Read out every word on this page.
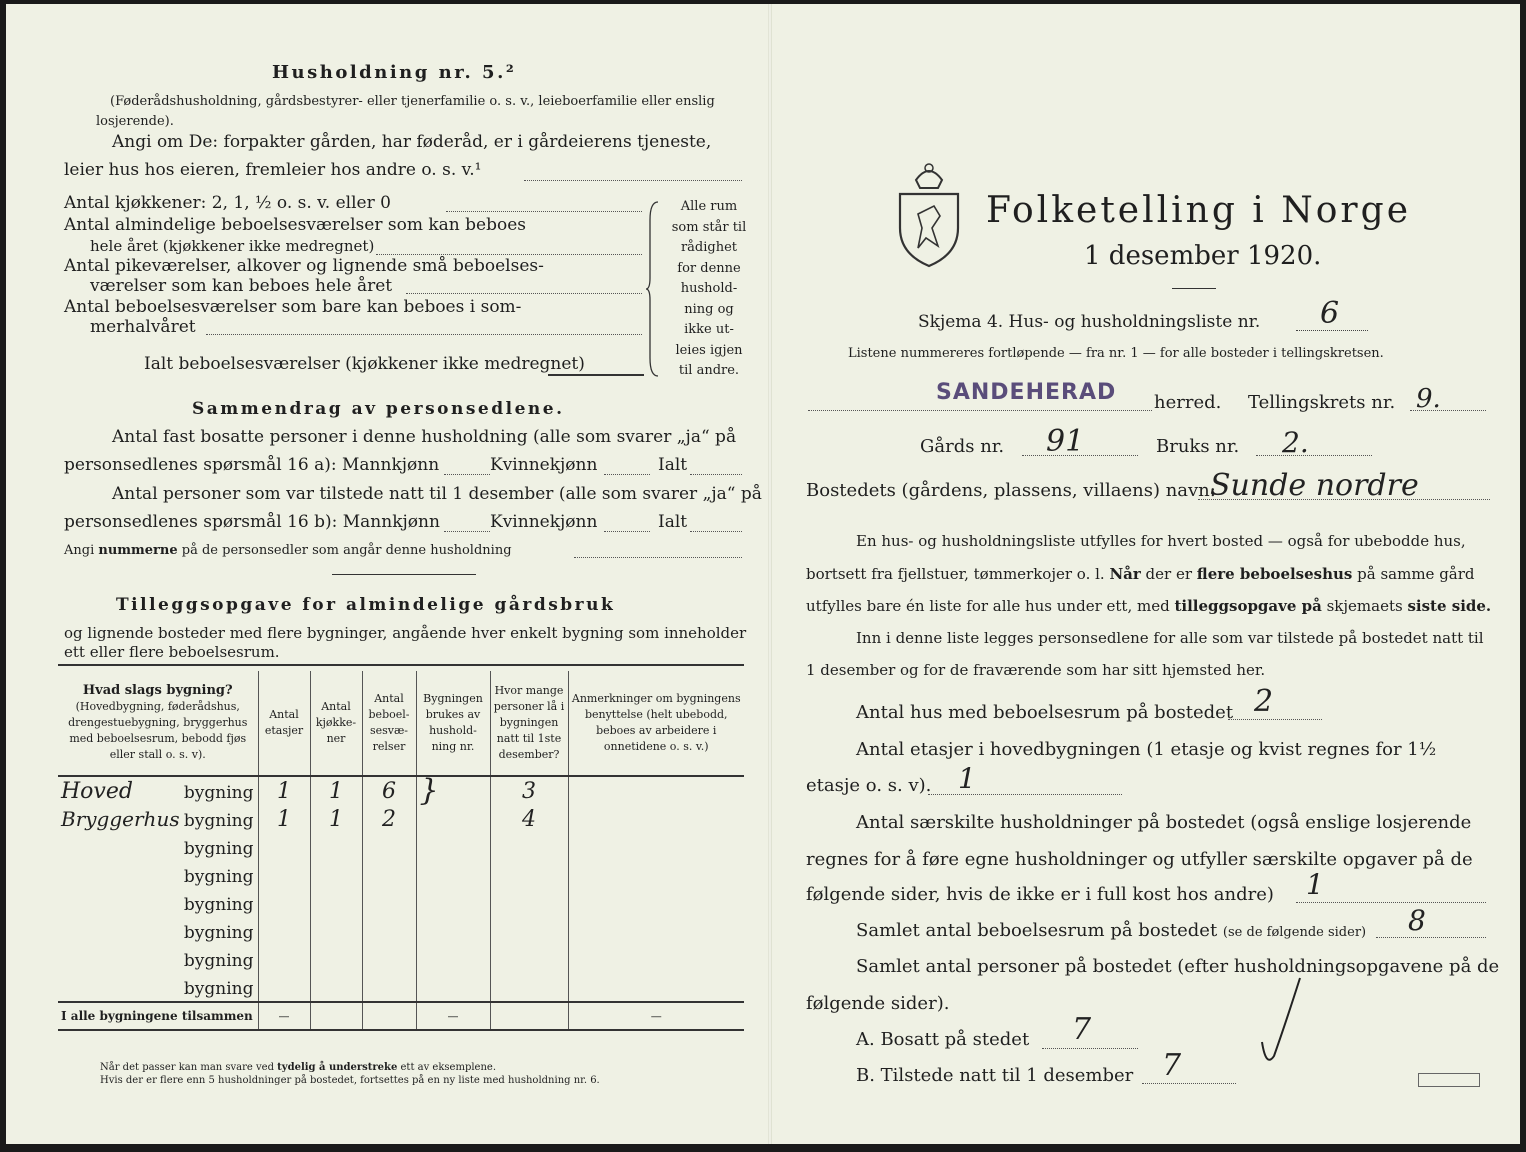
Husholdning nr. 5.²
(Føderådshusholdning, gårdsbestyrer- eller tjenerfamilie o. s. v., leieboerfamilie eller enslig losjerende).
Angi om De: forpakter gården, har føderåd, er i gårdeierens tjeneste,
leier hus hos eieren, fremleier hos andre o. s. v.¹
Antal kjøkkener: 2, 1, ½ o. s. v. eller 0
Antal almindelige beboelsesværelser som kan beboes
hele året (kjøkkener ikke medregnet)
Antal pikeværelser, alkover og lignende små beboelses-
værelser som kan beboes hele året
Antal beboelsesværelser som bare kan beboes i som-
merhalvåret
Ialt beboelsesværelser (kjøkkener ikke medregnet)
Alle rum
som står til
rådighet
for denne
hushold-
ning og
ikke ut-
leies igjen
til andre.
Sammendrag av personsedlene.
Antal fast bosatte personer i denne husholdning (alle som svarer „ja“ på
personsedlenes spørsmål 16 a): Mannkjønn	Kvinnekjønn	Ialt
Antal personer som var tilstede natt til 1 desember (alle som svarer „ja“ på
personsedlenes spørsmål 16 b): Mannkjønn	Kvinnekjønn	Ialt
Angi nummerne på de personsedler som angår denne husholdning
Tilleggsopgave for almindelige gårdsbruk
og lignende bosteder med flere bygninger, angående hver enkelt bygning som inneholder
ett eller flere beboelsesrum.
Hvad slags bygning?
(Hovedbygning, føderådshus, drengestuebygning, bryggerhus med beboelsesrum, bebodd fjøs eller stall o. s. v).	Antal etasjer	Antal kjøkke-ner	Antal beboel-sesvæ-relser	Bygningen brukes av hushold-ning nr.	Hvor mange personer lå i bygningen natt til 1ste desember?	Anmerkninger om bygningens benyttelse (helt ubebodd, beboes av arbeidere i onnetidene o. s. v.)
Hoved bygning	1	1	6	}	3	
Bryggerhus bygning	1	1	2		4	

bygning						

bygning						

bygning						

bygning						

bygning						

bygning						

I alle bygningene tilsammen	—			—		—
Når det passer kan man svare ved tydelig å understreke ett av eksemplene.
Hvis der er flere enn 5 husholdninger på bostedet, fortsettes på en ny liste med husholdning nr. 6.
Folketelling i Norge
1 desember 1920.
Skjema 4. Hus- og husholdningsliste nr. 6
Listene nummereres fortløpende — fra nr. 1 — for alle bosteder i tellingskretsen.
SANDEHERAD herred. Tellingskrets nr. 9.
Gårds nr. 91	Bruks nr. 2.
Bostedets (gårdens, plassens, villaens) navn:
Sunde nordre
En hus- og husholdningsliste utfylles for hvert bosted — også for ubebodde hus,
bortsett fra fjellstuer, tømmerkojer o. l. Når der er flere beboelseshus på samme gård
utfylles bare én liste for alle hus under ett, med tilleggsopgave på skjemaets siste side.
Inn i denne liste legges personsedlene for alle som var tilstede på bostedet natt til
1 desember og for de fraværende som har sitt hjemsted her.
Antal hus med beboelsesrum på bostedet 2
Antal etasjer i hovedbygningen (1 etasje og kvist regnes for 1½
etasje o. s. v). 1
Antal særskilte husholdninger på bostedet (også enslige losjerende
regnes for å føre egne husholdninger og utfyller særskilte opgaver på de
følgende sider, hvis de ikke er i full kost hos andre) 1
Samlet antal beboelsesrum på bostedet (se de følgende sider) 8
Samlet antal personer på bostedet (efter husholdningsopgavene på de
følgende sider).
A. Bosatt på stedet 7
B. Tilstede natt til 1 desember 7
